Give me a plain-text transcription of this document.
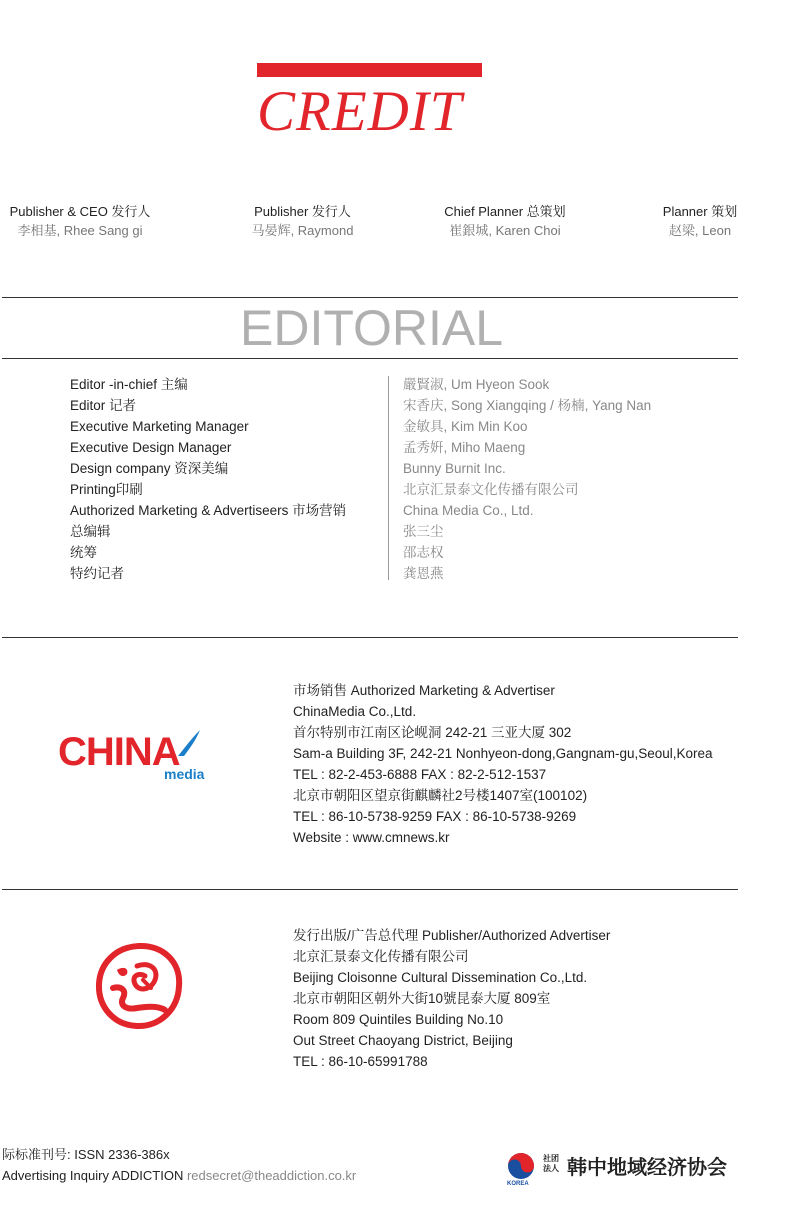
CREDIT
Publisher & CEO 发行人
李相基, Rhee Sang gi
Publisher 发行人
马晏辉, Raymond
Chief Planner 总策划
崔銀城, Karen Choi
Planner 策划
赵梁, Leon
EDITORIAL
Editor -in-chief 主编
Editor 记者
Executive Marketing Manager
Executive Design Manager
Design company 资深美编
Printing印刷
Authorized Marketing & Advertiseers 市场营销
总编辑
统筹
特约记者
嚴賢淑, Um Hyeon Sook
宋香庆, Song Xiangqing / 杨楠, Yang Nan
金敏具, Kim Min Koo
孟秀姸, Miho Maeng
Bunny Burnit Inc.
北京汇景泰文化传播有限公司
China Media Co., Ltd.
张三尘
邵志权
龚恩燕
CHINA
media
市场销售 Authorized Marketing & Advertiser
ChinaMedia Co.,Ltd.
首尔特别市江南区论岘洞 242-21 三亚大厦 302
Sam-a Building 3F, 242-21 Nonhyeon-dong,Gangnam-gu,Seoul,Korea
TEL : 82-2-453-6888 FAX : 82-2-512-1537
北京市朝阳区望京街麒麟社2号楼1407室(100102)
TEL : 86-10-5738-9259 FAX : 86-10-5738-9269
Website : www.cmnews.kr
发行出版/广告总代理 Publisher/Authorized Advertiser
北京汇景泰文化传播有限公司
Beijing Cloisonne Cultural Dissemination Co.,Ltd.
北京市朝阳区朝外大街10號昆泰大厦 809室
Room 809 Quintiles Building No.10
Out Street Chaoyang District, Beijing
TEL : 86-10-65991788
际标准刊号: ISSN 2336-386x
Advertising Inquiry ADDICTION redsecret@theaddiction.co.kr
KOREA
社团
法人 韩中地域经济协会
